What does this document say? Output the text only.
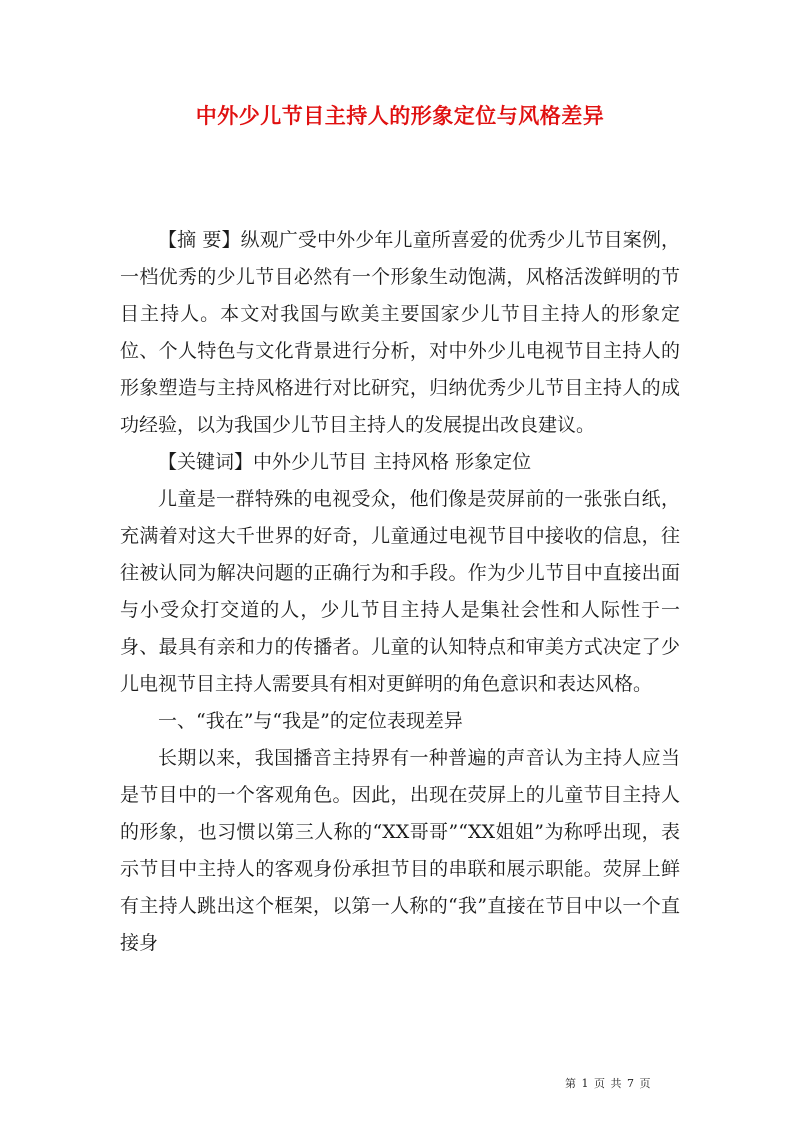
中外少儿节目主持人的形象定位与风格差异

【摘 要】纵观广受中外少年儿童所喜爱的优秀少儿节目案例，一档优秀的少儿节目必然有一个形象生动饱满，风格活泼鲜明的节目主持人。本文对我国与欧美主要国家少儿节目主持人的形象定位、个人特色与文化背景进行分析，对中外少儿电视节目主持人的形象塑造与主持风格进行对比研究，归纳优秀少儿节目主持人的成功经验，以为我国少儿节目主持人的发展提出改良建议。

【关键词】中外少儿节目 主持风格 形象定位

儿童是一群特殊的电视受众，他们像是荧屏前的一张张白纸，充满着对这大千世界的好奇，儿童通过电视节目中接收的信息，往往被认同为解决问题的正确行为和手段。作为少儿节目中直接出面与小受众打交道的人，少儿节目主持人是集社会性和人际性于一身、最具有亲和力的传播者。儿童的认知特点和审美方式决定了少儿电视节目主持人需要具有相对更鲜明的角色意识和表达风格。

一、“我在”与“我是”的定位表现差异

长期以来，我国播音主持界有一种普遍的声音认为主持人应当是节目中的一个客观角色。因此，出现在荧屏上的儿童节目主持人的形象，也习惯以第三人称的“XX哥哥”“XX姐姐”为称呼出现，表示节目中主持人的客观身份承担节目的串联和展示职能。荧屏上鲜有主持人跳出这个框架，以第一人称的“我”直接在节目中以一个直接身

第 1 页 共 7 页
